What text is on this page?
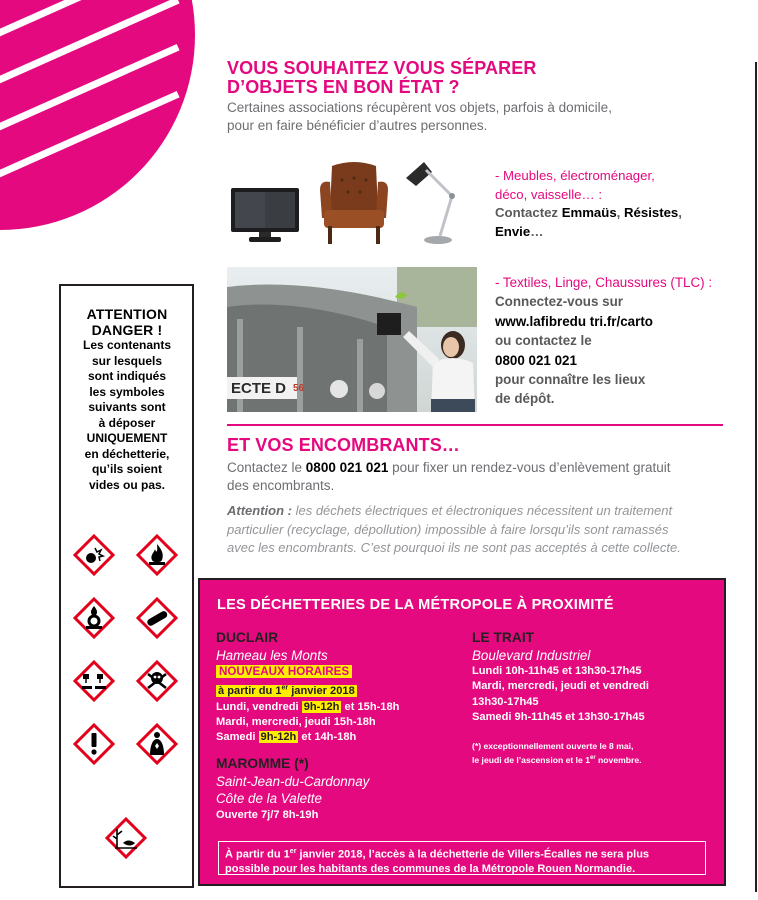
VOUS SOUHAITEZ VOUS SÉPARER
D’OBJETS EN BON ÉTAT ?
Certaines associations récupèrent vos objets, parfois à domicile,
pour en faire bénéficier d’autres personnes.
- Meubles, électroménager,
déco, vaisselle… :
Contactez Emmaüs, Résistes,
Envie…
ECTE D 56
- Textiles, Linge, Chaussures (TLC) :
Connectez-vous sur
www.lafibredu tri.fr/carto
ou contactez le
0800 021 021
pour connaître les lieux
de dépôt.
ET VOS ENCOMBRANTS…
Contactez le 0800 021 021 pour fixer un rendez-vous d’enlèvement gratuit
des encombrants.
Attention : les déchets électriques et électroniques nécessitent un traitement
particulier (recyclage, dépollution) impossible à faire lorsqu’ils sont ramassés
avec les encombrants. C’est pourquoi ils ne sont pas acceptés à cette collecte.
ATTENTION
DANGER !
Les contenants
sur lesquels
sont indiqués
les symboles
suivants sont
à déposer
UNIQUEMENT
en déchetterie,
qu’ils soient
vides ou pas.
LES DÉCHETTERIES DE LA MÉTROPOLE À PROXIMITÉ
DUCLAIR
Hameau les Monts
NOUVEAUX HORAIRES
à partir du 1er janvier 2018
Lundi, vendredi 9h-12h et 15h-18h
Mardi, mercredi, jeudi 15h-18h
Samedi 9h-12h et 14h-18h
MAROMME (*)
Saint-Jean-du-Cardonnay
Côte de la Valette
Ouverte 7j/7 8h-19h
LE TRAIT
Boulevard Industriel
Lundi 10h-11h45 et 13h30-17h45
Mardi, mercredi, jeudi et vendredi
13h30-17h45
Samedi 9h-11h45 et 13h30-17h45
(*) exceptionnellement ouverte le 8 mai,
le jeudi de l’ascension et le 1er novembre.
À partir du 1er janvier 2018, l’accès à la déchetterie de Villers-Écalles ne sera plus
possible pour les habitants des communes de la Métropole Rouen Normandie.
